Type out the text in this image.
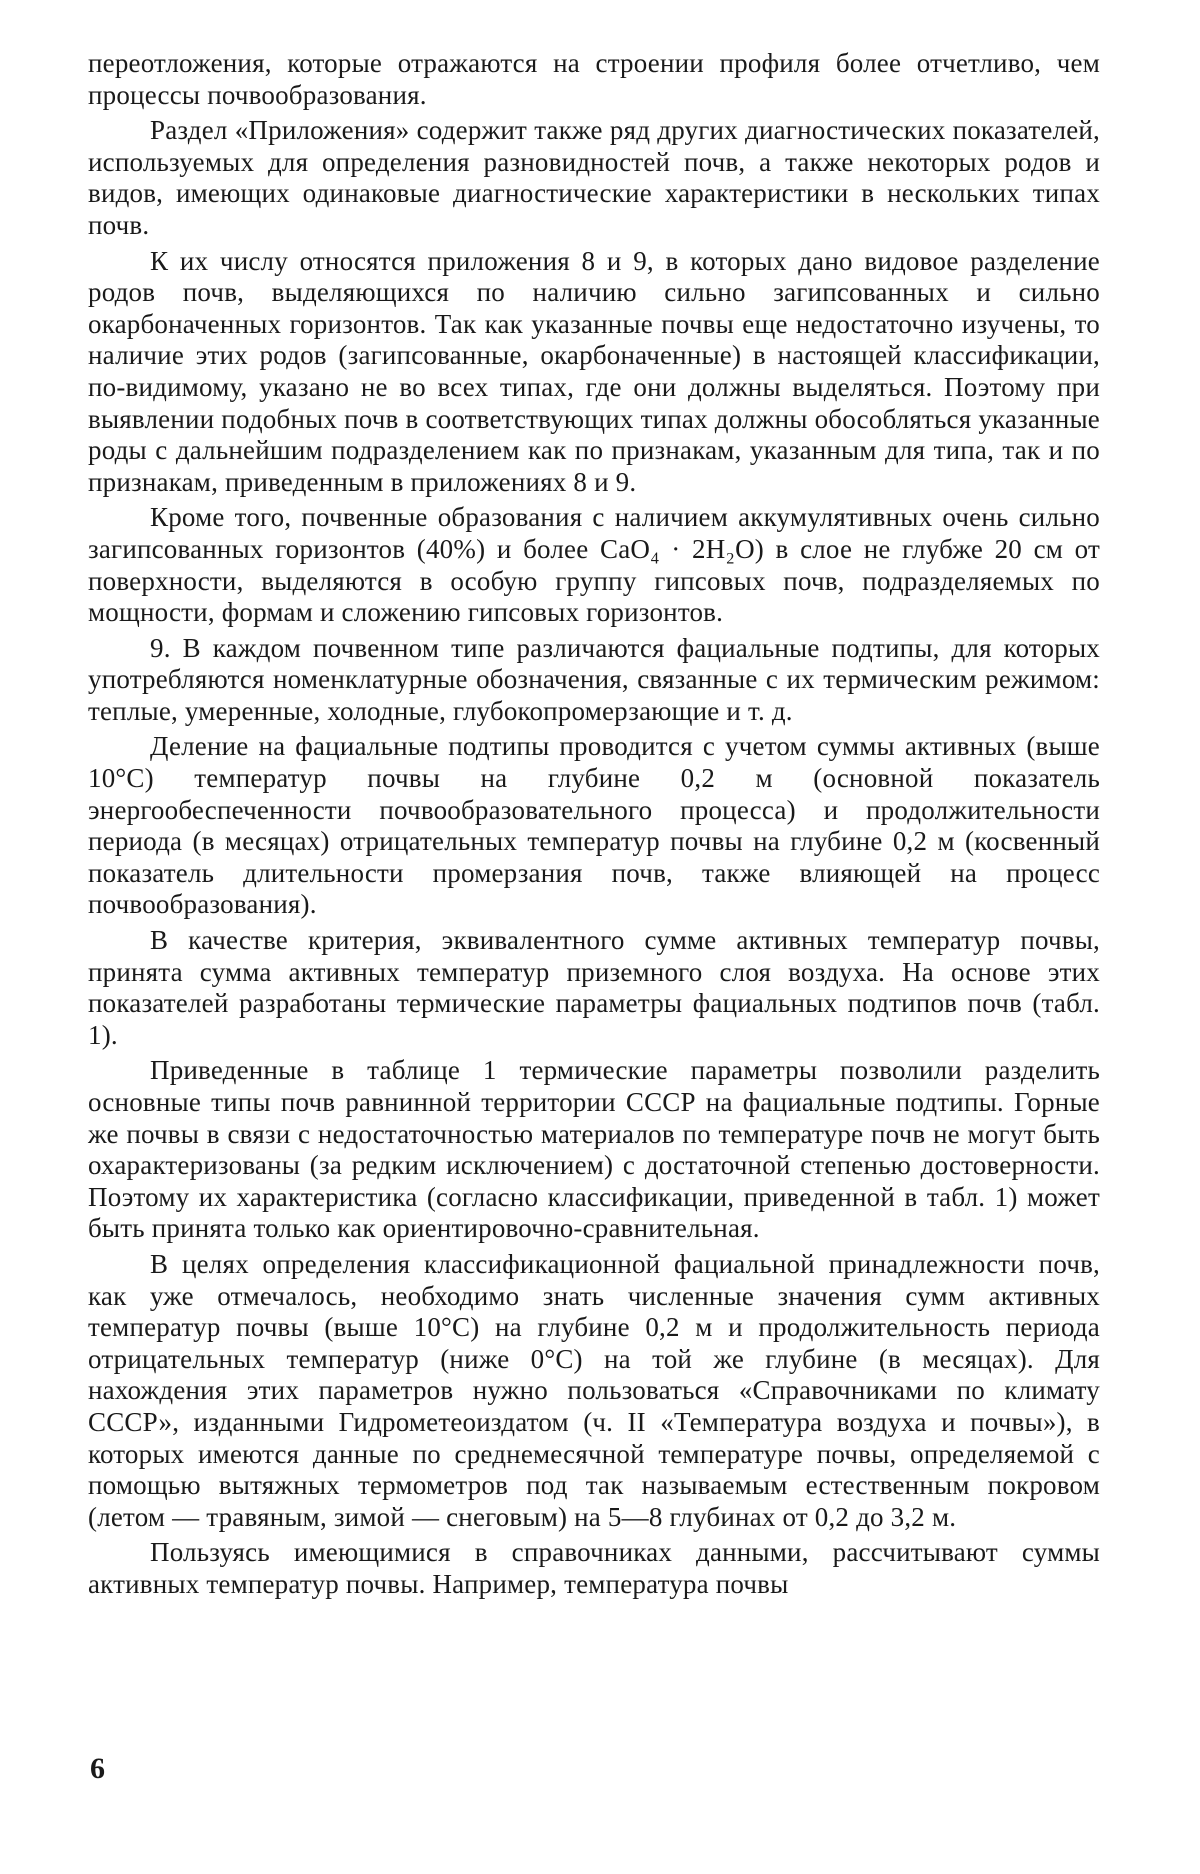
переотложения, которые отражаются на строении профиля более отчетливо, чем процессы почвообразования.

Раздел «Приложения» содержит также ряд других диагностических показателей, используемых для определения разновидностей почв, а также некоторых родов и видов, имеющих одинаковые диагностические характеристики в нескольких типах почв.

К их числу относятся приложения 8 и 9, в которых дано видовое разделение родов почв, выделяющихся по наличию сильно загипсованных и сильно окарбоначенных горизонтов. Так как указанные почвы еще недостаточно изучены, то наличие этих родов (загипсованные, окарбоначенные) в настоящей классификации, по-видимому, указано не во всех типах, где они должны выделяться. Поэтому при выявлении подобных почв в соответствующих типах должны обособляться указанные роды с дальнейшим подразделением как по признакам, указанным для типа, так и по признакам, приведенным в приложениях 8 и 9.

Кроме того, почвенные образования с наличием аккумулятивных очень сильно загипсованных горизонтов (40%) и более CaO₄ · 2H₂O) в слое не глубже 20 см от поверхности, выделяются в особую группу гипсовых почв, подразделяемых по мощности, формам и сложению гипсовых горизонтов.

9. В каждом почвенном типе различаются фациальные подтипы, для которых употребляются номенклатурные обозначения, связанные с их термическим режимом: теплые, умеренные, холодные, глубокопромерзающие и т. д.

Деление на фациальные подтипы проводится с учетом суммы активных (выше 10°C) температур почвы на глубине 0,2 м (основной показатель энергообеспеченности почвообразовательного процесса) и продолжительности периода (в месяцах) отрицательных температур почвы на глубине 0,2 м (косвенный показатель длительности промерзания почв, также влияющей на процесс почвообразования).

В качестве критерия, эквивалентного сумме активных температур почвы, принята сумма активных температур приземного слоя воздуха. На основе этих показателей разработаны термические параметры фациальных подтипов почв (табл. 1).

Приведенные в таблице 1 термические параметры позволили разделить основные типы почв равнинной территории СССР на фациальные подтипы. Горные же почвы в связи с недостаточностью материалов по температуре почв не могут быть охарактеризованы (за редким исключением) с достаточной степенью достоверности. Поэтому их характеристика (согласно классификации, приведенной в табл. 1) может быть принята только как ориентировочно-сравнительная.

В целях определения классификационной фациальной принадлежности почв, как уже отмечалось, необходимо знать численные значения сумм активных температур почвы (выше 10°C) на глубине 0,2 м и продолжительность периода отрицательных температур (ниже 0°C) на той же глубине (в месяцах). Для нахождения этих параметров нужно пользоваться «Справочниками по климату СССР», изданными Гидрометеоиздатом (ч. II «Температура воздуха и почвы»), в которых имеются данные по среднемесячной температуре почвы, определяемой с помощью вытяжных термометров под так называемым естественным покровом (летом — травяным, зимой — снеговым) на 5—8 глубинах от 0,2 до 3,2 м.

Пользуясь имеющимися в справочниках данными, рассчитывают суммы активных температур почвы. Например, температура почвы

6
